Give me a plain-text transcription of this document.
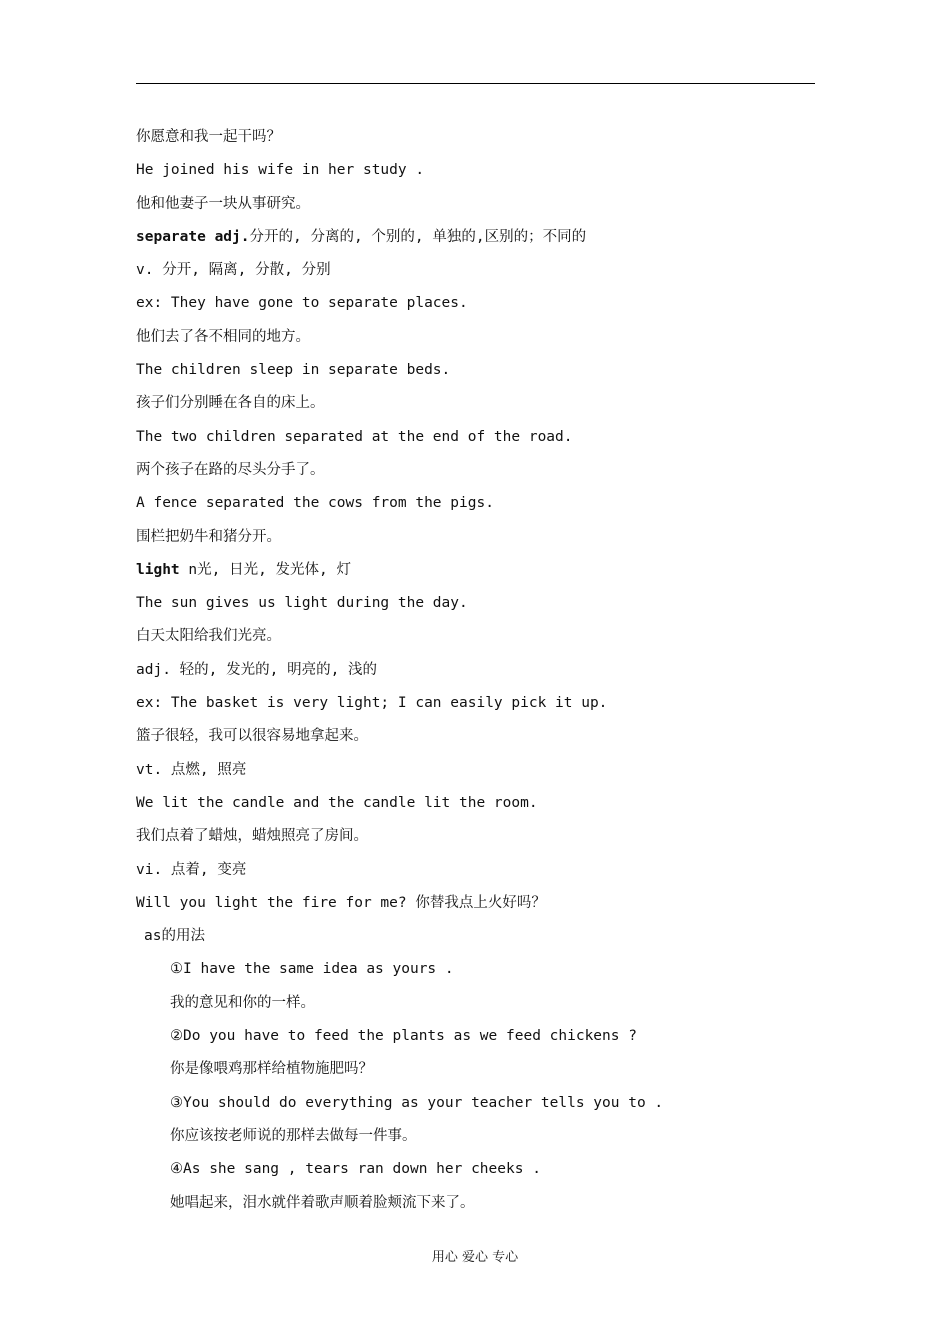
你愿意和我一起干吗？
He joined his wife in her study .
他和他妻子一块从事研究。
separate adj.分开的, 分离的, 个别的, 单独的,区别的；不同的
v. 分开, 隔离, 分散, 分别
ex: They have gone to separate places.
他们去了各不相同的地方。
The children sleep in separate beds.
孩子们分别睡在各自的床上。
The two children separated at the end of the road.
两个孩子在路的尽头分手了。
A fence separated the cows from the pigs.
围栏把奶牛和猪分开。
light n光, 日光, 发光体, 灯
The sun gives us light during the day.
白天太阳给我们光亮。
adj. 轻的, 发光的, 明亮的, 浅的
ex: The basket is very light; I can easily pick it up.
篮子很轻，我可以很容易地拿起来。
vt. 点燃, 照亮
We lit the candle and the candle lit the room.
我们点着了蜡烛，蜡烛照亮了房间。
vi. 点着, 变亮
Will you light the fire for me? 你替我点上火好吗？
as的用法
①I have the same idea as yours .
我的意见和你的一样。
②Do you have to feed the plants as we feed chickens ?
你是像喂鸡那样给植物施肥吗？
③You should do everything as your teacher tells you to .
你应该按老师说的那样去做每一件事。
④As she sang , tears ran down her cheeks .
她唱起来，泪水就伴着歌声顺着脸颊流下来了。
用心 爱心 专心
